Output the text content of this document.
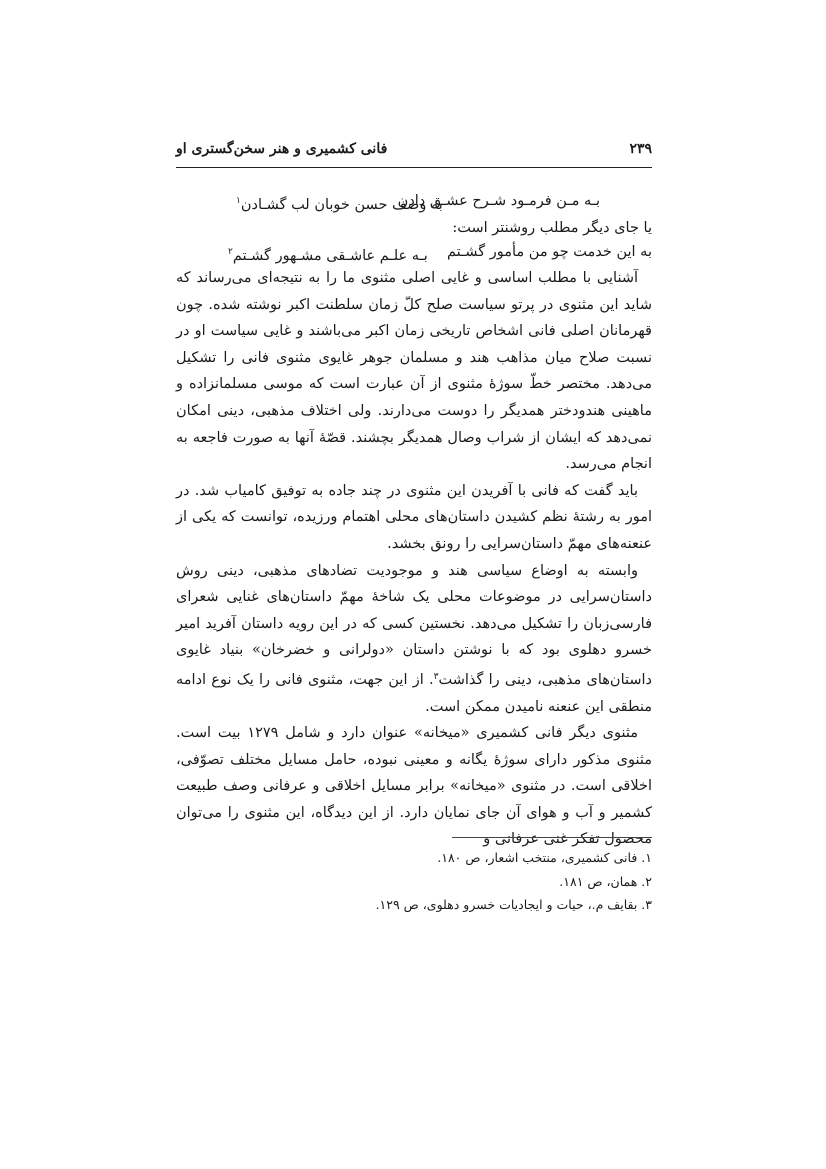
۲۳۹
فانی کشمیری و هنر سخن‌گستری او
بـه مـن فرمـود شـرح عشـق دادن
به وصف حسن خوبان لب گشـادن$^۱$
یا جای دیگر مطلب روشنتر است:
به این خدمت چو من مأمور گشـتم
بـه علـم عاشـقی مشـهور گشـتم$^۲$

آشنایی با مطلب اساسی و غایی اصلی مثنوی ما را به نتیجه‌ای می‌رساند که شاید این مثنوی در پرتو سیاست صلح کلّ زمان سلطنت اکبر نوشته شده. چون قهرمانان اصلی فانی اشخاص تاریخی زمان اکبر می‌باشند و غایی سیاست او در نسبت صلاح میان مذاهب هند و مسلمان جوهر غایوی مثنوی فانی را تشکیل می‌دهد. مختصر خطّ سوژۀ مثنوی از آن عبارت است که موسی مسلمانزاده و ماهینی هندودختر همدیگر را دوست می‌دارند. ولی اختلاف مذهبی، دینی امکان نمی‌دهد که ایشان از شراب وصال همدیگر بچشند. قصّۀ آنها به صورت فاجعه به انجام می‌رسد.

باید گفت که فانی با آفریدن این مثنوی در چند جاده به توفیق کامیاب شد. در امور به رشتۀ نظم کشیدن داستان‌های محلی اهتمام ورزیده، توانست که یکی از عنعنه‌های مهمّ داستان‌سرایی را رونق بخشد.

وابسته به اوضاع سیاسی هند و موجودیت تضادهای مذهبی، دینی روش داستان‌سرایی در موضوعات محلی یک شاخۀ مهمّ داستان‌های غنایی شعرای فارسی‌زبان را تشکیل می‌دهد. نخستین کسی که در این رویه داستان آفرید امیر خسرو دهلوی بود که با نوشتن داستان «دولرانی و خضرخان» بنیاد غایوی داستان‌های مذهبی، دینی را گذاشت$^۳$. از این جهت، مثنوی فانی را یک نوع ادامه منطقی این عنعنه نامیدن ممکن است.

مثنوی دیگر فانی کشمیری «میخانه» عنوان دارد و شامل ۱۲۷۹ بیت است. مثنوی مذکور دارای سوژۀ یگانه و معینی نبوده، حامل مسایل مختلف تصوّفی، اخلاقی است. در مثنوی «میخانه» برابر مسایل اخلاقی و عرفانی وصف طبیعت کشمیر و آب و هوای آن جای نمایان دارد. از این دیدگاه، این مثنوی را می‌توان محصول تفکر غنی عرفانی و

۱. فانی کشمیری، منتخب اشعار، ص ۱۸۰.
۲. همان، ص ۱۸۱.
۳. بقایف م.، حیات و ایجادیات خسرو دهلوی، ص ۱۲۹.
